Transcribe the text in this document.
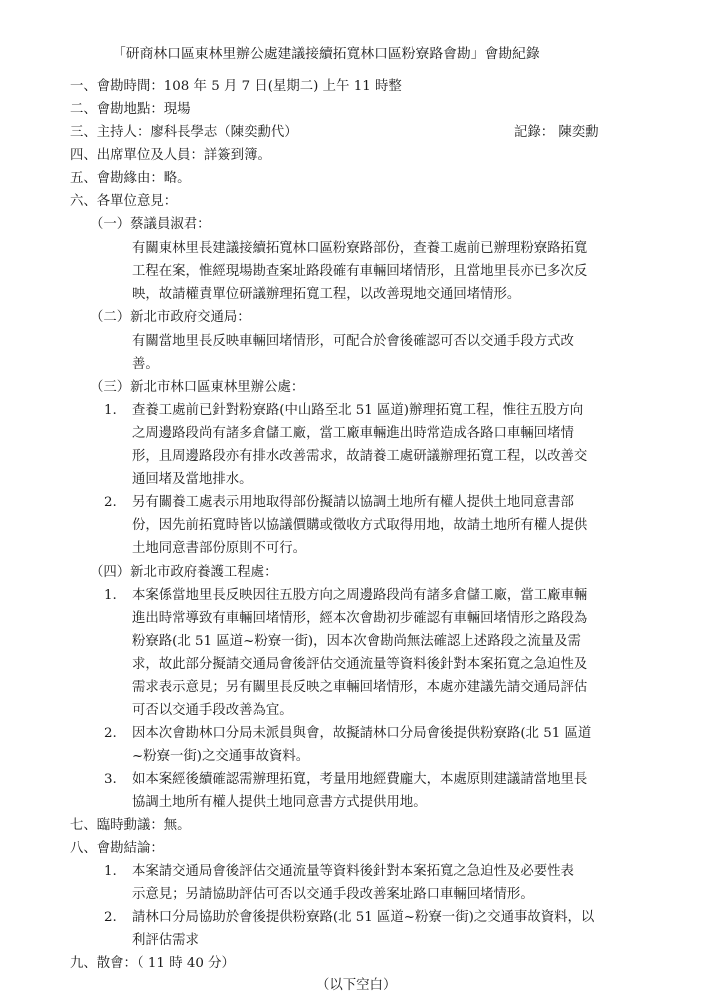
「研商林口區東林里辦公處建議接續拓寬林口區粉寮路會勘」會勘紀錄
一、會勘時間：108 年 5 月 7 日(星期二) 上午 11 時整
二、會勘地點：現場
三、主持人：廖科長學志（陳奕勳代）	記錄： 陳奕勳
四、出席單位及人員：詳簽到簿。
五、會勘緣由：略。
六、各單位意見：
（一）蔡議員淑君：
有關東林里長建議接續拓寬林口區粉寮路部份，查養工處前已辦理粉寮路拓寬
工程在案，惟經現場勘查案址路段確有車輛回堵情形，且當地里長亦已多次反
映，故請權責單位研議辦理拓寬工程，以改善現地交通回堵情形。
（二）新北市政府交通局：
有關當地里長反映車輛回堵情形，可配合於會後確認可否以交通手段方式改
善。
（三）新北市林口區東林里辦公處：
1. 查養工處前已針對粉寮路(中山路至北 51 區道)辦理拓寬工程，惟往五股方向
之周邊路段尚有諸多倉儲工廠，當工廠車輛進出時常造成各路口車輛回堵情
形，且周邊路段亦有排水改善需求，故請養工處研議辦理拓寬工程，以改善交
通回堵及當地排水。
2. 另有關養工處表示用地取得部份擬請以協調土地所有權人提供土地同意書部
份，因先前拓寬時皆以協議價購或徵收方式取得用地，故請土地所有權人提供
土地同意書部份原則不可行。
（四）新北市政府養護工程處：
1. 本案係當地里長反映因往五股方向之周邊路段尚有諸多倉儲工廠，當工廠車輛
進出時常導致有車輛回堵情形，經本次會勘初步確認有車輛回堵情形之路段為
粉寮路(北 51 區道~粉寮一街)，因本次會勘尚無法確認上述路段之流量及需
求，故此部分擬請交通局會後評估交通流量等資料後針對本案拓寬之急迫性及
需求表示意見；另有關里長反映之車輛回堵情形，本處亦建議先請交通局評估
可否以交通手段改善為宜。
2. 因本次會勘林口分局未派員與會，故擬請林口分局會後提供粉寮路(北 51 區道
~粉寮一街)之交通事故資料。
3. 如本案經後續確認需辦理拓寬，考量用地經費龐大，本處原則建議請當地里長
協調土地所有權人提供土地同意書方式提供用地。
七、臨時動議：無。
八、會勘結論：
1. 本案請交通局會後評估交通流量等資料後針對本案拓寬之急迫性及必要性表
示意見；另請協助評估可否以交通手段改善案址路口車輛回堵情形。
2. 請林口分局協助於會後提供粉寮路(北 51 區道~粉寮一街)之交通事故資料，以
利評估需求
九、散會：（ 11 時 40 分）
（以下空白）
